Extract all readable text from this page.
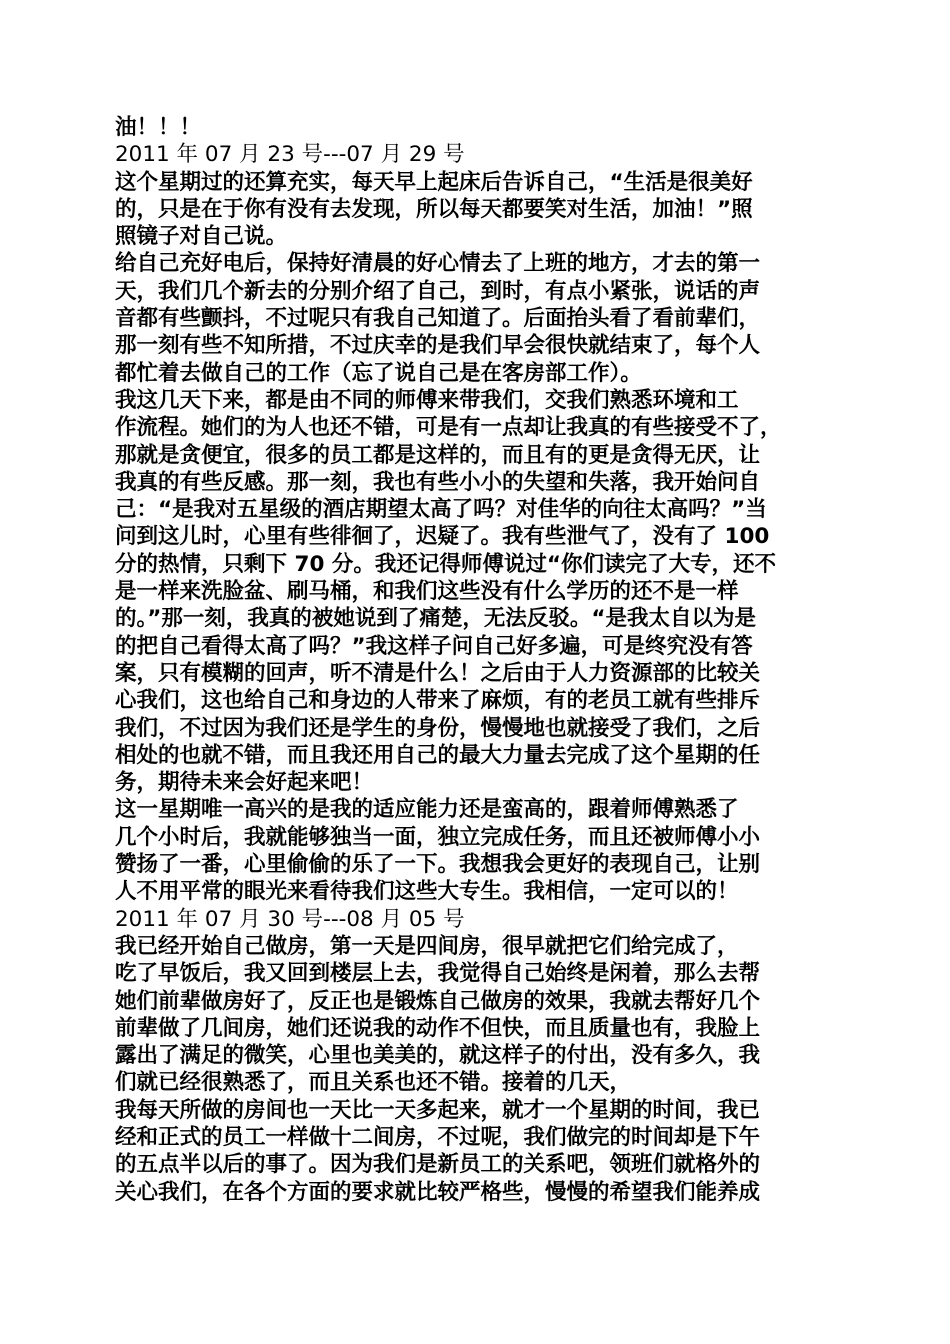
油！！！
2011 年 07 月 23 号---07 月 29 号
这个星期过的还算充实，每天早上起床后告诉自己，“生活是很美好
的，只是在于你有没有去发现，所以每天都要笑对生活，加油！”照
照镜子对自己说。
给自己充好电后，保持好清晨的好心情去了上班的地方，才去的第一
天，我们几个新去的分别介绍了自己，到时，有点小紧张，说话的声
音都有些颤抖，不过呢只有我自己知道了。后面抬头看了看前辈们，
那一刻有些不知所措，不过庆幸的是我们早会很快就结束了，每个人
都忙着去做自己的工作（忘了说自己是在客房部工作）。
我这几天下来，都是由不同的师傅来带我们，交我们熟悉环境和工
作流程。她们的为人也还不错，可是有一点却让我真的有些接受不了，
那就是贪便宜，很多的员工都是这样的，而且有的更是贪得无厌，让
我真的有些反感。那一刻，我也有些小小的失望和失落，我开始问自
己：“是我对五星级的酒店期望太高了吗？对佳华的向往太高吗？”当
问到这儿时，心里有些徘徊了，迟疑了。我有些泄气了，没有了 100
分的热情，只剩下 70 分。我还记得师傅说过“你们读完了大专，还不
是一样来洗脸盆、刷马桶，和我们这些没有什么学历的还不是一样
的。”那一刻，我真的被她说到了痛楚，无法反驳。“是我太自以为是
的把自己看得太高了吗？”我这样子问自己好多遍，可是终究没有答
案，只有模糊的回声，听不清是什么！之后由于人力资源部的比较关
心我们，这也给自己和身边的人带来了麻烦，有的老员工就有些排斥
我们，不过因为我们还是学生的身份，慢慢地也就接受了我们，之后
相处的也就不错，而且我还用自己的最大力量去完成了这个星期的任
务，期待未来会好起来吧！
这一星期唯一高兴的是我的适应能力还是蛮高的，跟着师傅熟悉了
几个小时后，我就能够独当一面，独立完成任务，而且还被师傅小小
赞扬了一番，心里偷偷的乐了一下。我想我会更好的表现自己，让别
人不用平常的眼光来看待我们这些大专生。我相信，一定可以的！
2011 年 07 月 30 号---08 月 05 号
我已经开始自己做房，第一天是四间房，很早就把它们给完成了，
吃了早饭后，我又回到楼层上去，我觉得自己始终是闲着，那么去帮
她们前辈做房好了，反正也是锻炼自己做房的效果，我就去帮好几个
前辈做了几间房，她们还说我的动作不但快，而且质量也有，我脸上
露出了满足的微笑，心里也美美的，就这样子的付出，没有多久，我
们就已经很熟悉了，而且关系也还不错。接着的几天，
我每天所做的房间也一天比一天多起来，就才一个星期的时间，我已
经和正式的员工一样做十二间房，不过呢，我们做完的时间却是下午
的五点半以后的事了。因为我们是新员工的关系吧，领班们就格外的
关心我们，在各个方面的要求就比较严格些，慢慢的希望我们能养成
